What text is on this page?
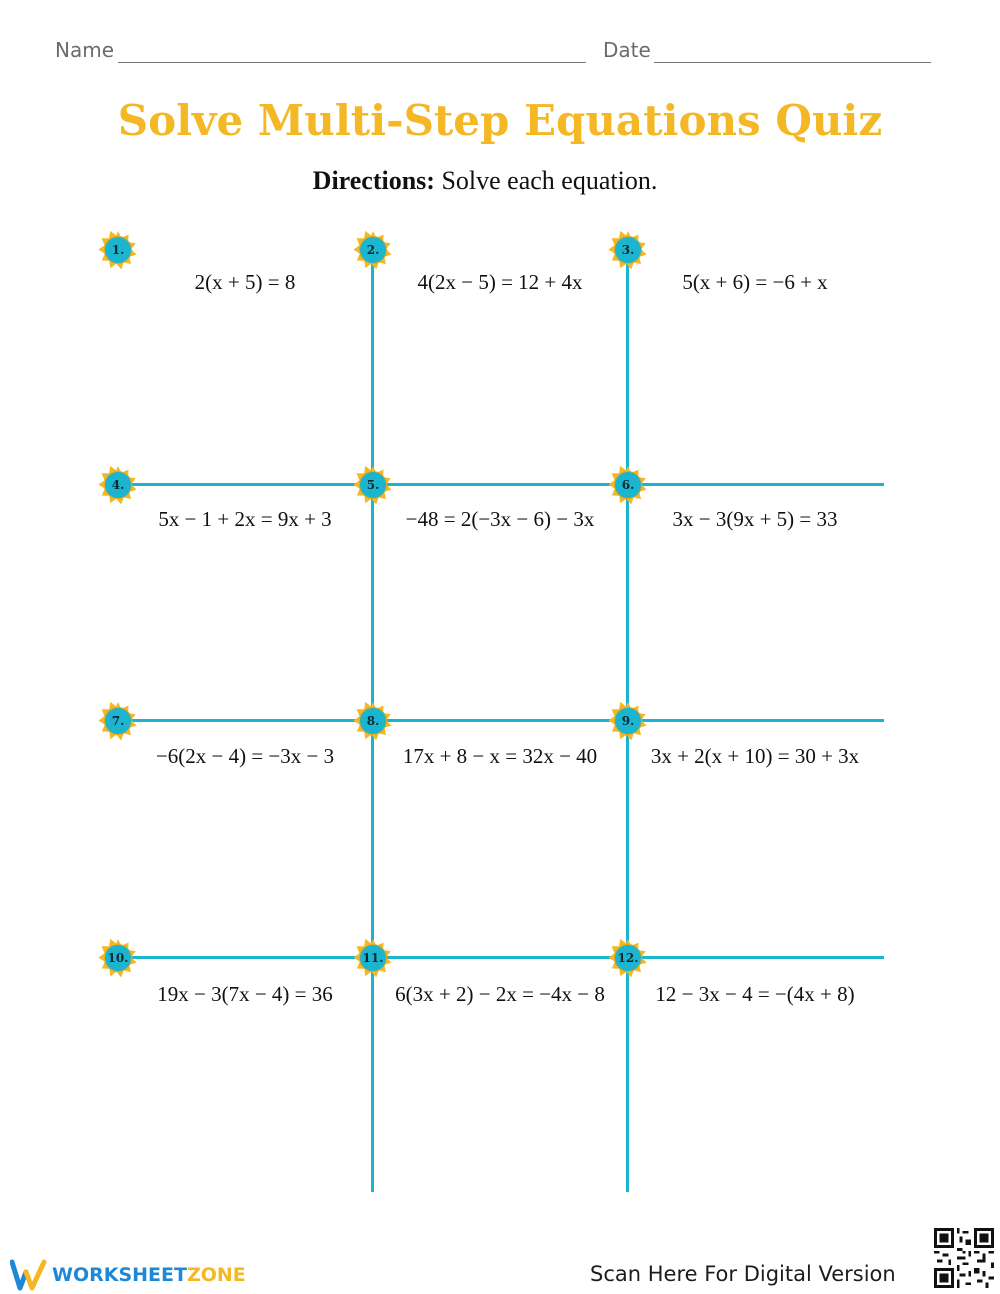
Name	Date
Solve Multi-Step Equations Quiz
Directions: Solve each equation.
1.	2.	3.
4.	5.	6.
7.	8.	9.
10.	11.	12.
2(x + 5) = 8	4(2x − 5) = 12 + 4x	5(x + 6) = −6 + x
5x − 1 + 2x = 9x + 3	−48 = 2(−3x − 6) − 3x	3x − 3(9x + 5) = 33
−6(2x − 4) = −3x − 3	17x + 8 − x = 32x − 40	3x + 2(x + 10) = 30 + 3x
19x − 3(7x − 4) = 36	6(3x + 2) − 2x = −4x − 8	12 − 3x − 4 = −(4x + 8)
WORKSHEETZONE	Scan Here For Digital Version
